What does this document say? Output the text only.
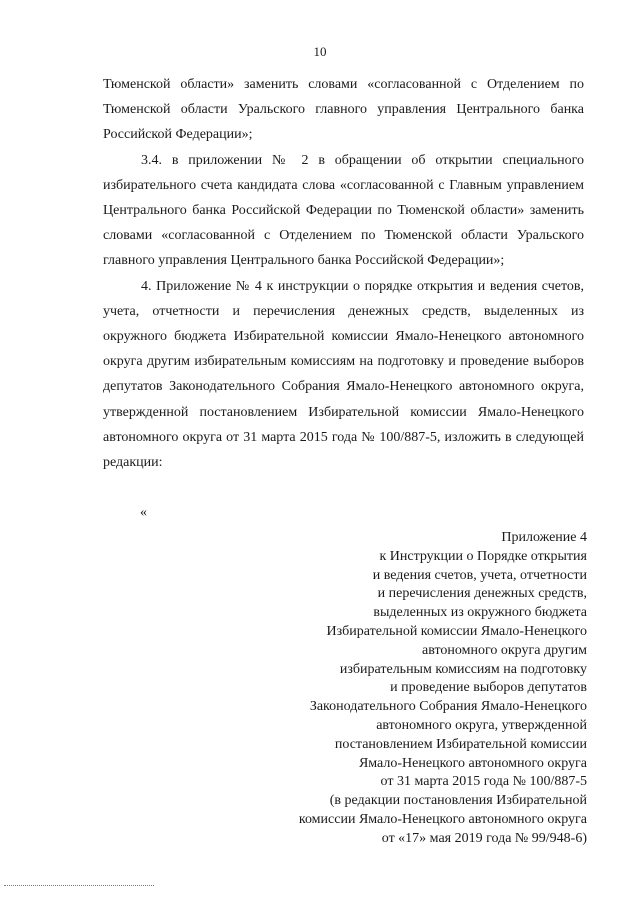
10

Тюменской области» заменить словами «согласованной с Отделением по Тюменской области Уральского главного управления Центрального банка Российской Федерации»;

3.4. в приложении № 2 в обращении об открытии специального избирательного счета кандидата слова «согласованной с Главным управлением Центрального банка Российской Федерации по Тюменской области» заменить словами «согласованной с Отделением по Тюменской области Уральского главного управления Центрального банка Российской Федерации»;

4. Приложение № 4 к инструкции о порядке открытия и ведения счетов, учета, отчетности и перечисления денежных средств, выделенных из окружного бюджета Избирательной комиссии Ямало-Ненецкого автономного округа другим избирательным комиссиям на подготовку и проведение выборов депутатов Законодательного Собрания Ямало-Ненецкого автономного округа, утвержденной постановлением Избирательной комиссии Ямало-Ненецкого автономного округа от 31 марта 2015 года № 100/887-5, изложить в следующей редакции:

«
Приложение 4
к Инструкции о Порядке открытия
и ведения счетов, учета, отчетности
и перечисления денежных средств,
выделенных из окружного бюджета
Избирательной комиссии Ямало-Ненецкого
автономного округа другим
избирательным комиссиям на подготовку
и проведение выборов депутатов
Законодательного Собрания Ямало-Ненецкого
автономного округа, утвержденной
постановлением Избирательной комиссии
Ямало-Ненецкого автономного округа
от 31 марта 2015 года № 100/887-5
(в редакции постановления Избирательной
комиссии Ямало-Ненецкого автономного округа
от «17» мая 2019 года № 99/948-6)
